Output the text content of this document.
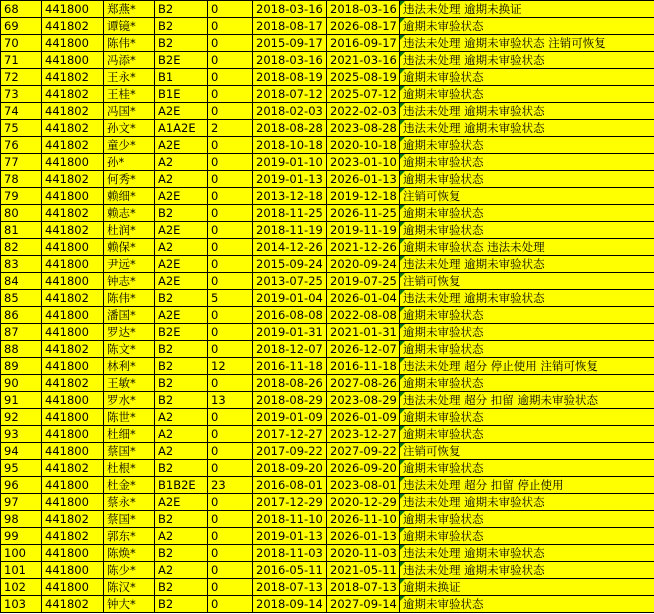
68	441800	郑燕*	B2	0	2018-03-16	2018-03-16	违法未处理 逾期未换证
69	441802	谭镜*	B2	0	2018-08-17	2026-08-17	逾期未审验状态
70	441800	陈伟*	B2	0	2015-09-17	2016-09-17	违法未处理 逾期未审验状态 注销可恢复
71	441800	冯添*	B2E	0	2018-03-16	2021-03-16	违法未处理 逾期未审验状态
72	441802	王永*	B1	0	2018-08-19	2025-08-19	逾期未审验状态
73	441802	王桂*	B1E	0	2018-07-12	2025-07-12	逾期未审验状态
74	441802	冯国*	A2E	0	2018-02-03	2022-02-03	违法未处理 逾期未审验状态
75	441802	孙文*	A1A2E	2	2018-08-28	2023-08-28	违法未处理 逾期未审验状态
76	441802	童少*	A2E	0	2018-10-18	2020-10-18	逾期未审验状态
77	441800	孙*	A2	0	2019-01-10	2023-01-10	逾期未审验状态
78	441802	何秀*	A2	0	2019-01-13	2026-01-13	逾期未审验状态
79	441800	赖细*	A2E	0	2013-12-18	2019-12-18	注销可恢复
80	441802	赖志*	B2	0	2018-11-25	2026-11-25	逾期未审验状态
81	441802	杜润*	A2E	0	2018-11-19	2019-11-19	逾期未审验状态
82	441800	赖保*	A2	0	2014-12-26	2021-12-26	逾期未审验状态 违法未处理
83	441800	尹远*	A2E	0	2015-09-24	2020-09-24	违法未处理 逾期未审验状态
84	441800	钟志*	A2E	0	2013-07-25	2019-07-25	注销可恢复
85	441802	陈伟*	B2	5	2019-01-04	2026-01-04	违法未处理 逾期未审验状态
86	441800	潘国*	A2E	0	2016-08-08	2022-08-08	逾期未审验状态
87	441800	罗达*	B2E	0	2019-01-31	2021-01-31	逾期未审验状态
88	441802	陈文*	B2	0	2018-12-07	2026-12-07	逾期未审验状态
89	441800	林利*	B2	12	2016-11-18	2016-11-18	违法未处理 超分 停止使用 注销可恢复
90	441802	王敏*	B2	0	2018-08-26	2027-08-26	逾期未审验状态
91	441800	罗水*	B2	13	2018-08-29	2023-08-29	违法未处理 超分 扣留 逾期未审验状态
92	441800	陈世*	A2	0	2019-01-09	2026-01-09	逾期未审验状态
93	441800	杜细*	A2	0	2017-12-27	2023-12-27	逾期未审验状态
94	441800	蔡国*	A2	0	2017-09-22	2027-09-22	注销可恢复
95	441802	杜根*	B2	0	2018-09-20	2026-09-20	逾期未审验状态
96	441800	杜金*	B1B2E	23	2016-08-01	2023-08-01	违法未处理 超分 扣留 停止使用
97	441800	蔡永*	A2E	0	2017-12-29	2020-12-29	违法未处理 逾期未审验状态
98	441802	蔡国*	B2	0	2018-11-10	2026-11-10	逾期未审验状态
99	441802	郭东*	A2	0	2019-01-13	2026-01-13	逾期未审验状态
100	441800	陈焕*	B2	0	2018-11-03	2020-11-03	违法未处理 逾期未审验状态
101	441800	陈少*	A2	0	2016-05-11	2021-05-11	违法未处理 逾期未审验状态
102	441800	陈汉*	B2	0	2018-07-13	2018-07-13	逾期未换证
103	441802	钟大*	B2	0	2018-09-14	2027-09-14	逾期未审验状态
